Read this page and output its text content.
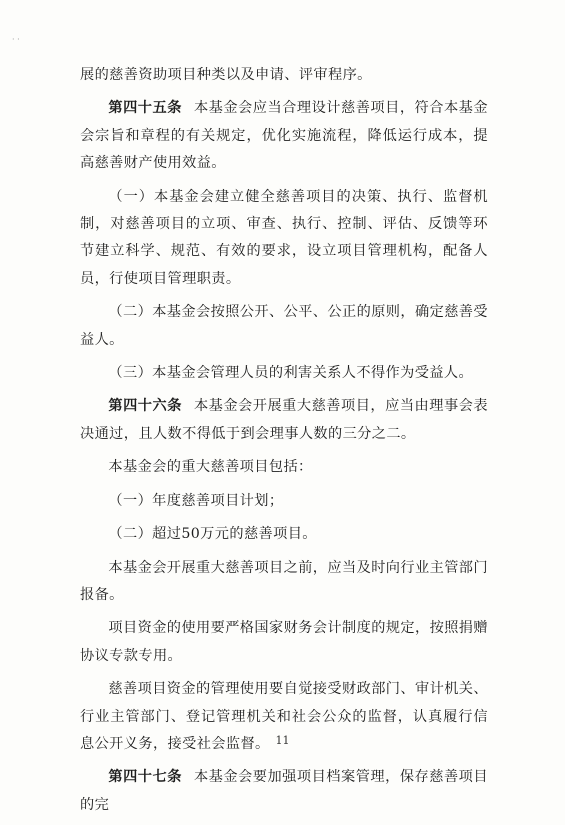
· ·

展的慈善资助项目种类以及申请、评审程序。

第四十五条 本基金会应当合理设计慈善项目，符合本基金会宗旨和章程的有关规定，优化实施流程，降低运行成本，提高慈善财产使用效益。

（一）本基金会建立健全慈善项目的决策、执行、监督机制，对慈善项目的立项、审查、执行、控制、评估、反馈等环节建立科学、规范、有效的要求，设立项目管理机构，配备人员，行使项目管理职责。

（二）本基金会按照公开、公平、公正的原则，确定慈善受益人。

（三）本基金会管理人员的利害关系人不得作为受益人。

第四十六条 本基金会开展重大慈善项目，应当由理事会表决通过，且人数不得低于到会理事人数的三分之二。

本基金会的重大慈善项目包括：

（一）年度慈善项目计划；

（二）超过50万元的慈善项目。

本基金会开展重大慈善项目之前，应当及时向行业主管部门报备。

项目资金的使用要严格国家财务会计制度的规定，按照捐赠协议专款专用。

慈善项目资金的管理使用要自觉接受财政部门、审计机关、行业主管部门、登记管理机关和社会公众的监督，认真履行信息公开义务，接受社会监督。

第四十七条 本基金会要加强项目档案管理，保存慈善项目的完

11
